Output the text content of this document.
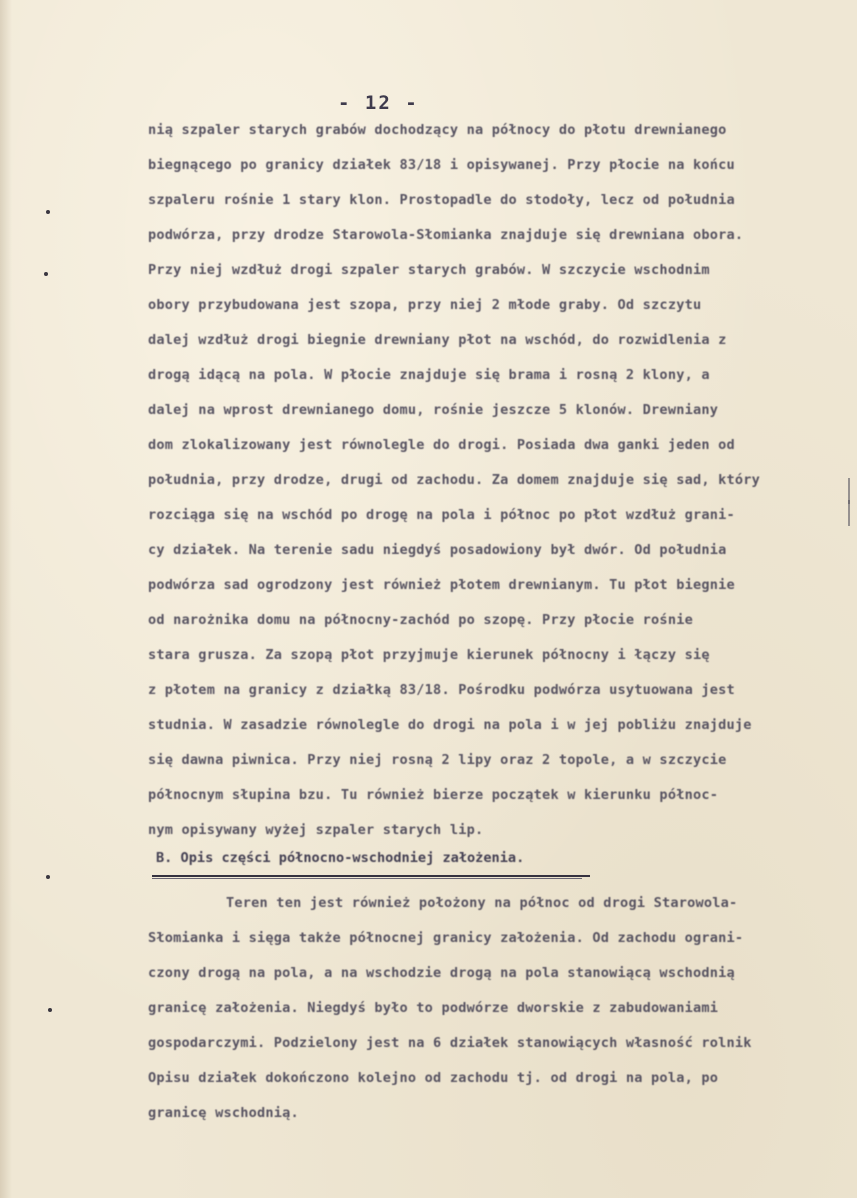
- 12 -
nią szpaler starych grabów dochodzący na północy do płotu drewnianego
biegnącego po granicy działek 83/18 i opisywanej. Przy płocie na końcu
szpaleru rośnie 1 stary klon. Prostopadle do stodoły, lecz od południa
podwórza, przy drodze Starowola-Słomianka znajduje się drewniana obora.
Przy niej wzdłuż drogi szpaler starych grabów. W szczycie wschodnim
obory przybudowana jest szopa, przy niej 2 młode graby. Od szczytu
dalej wzdłuż drogi biegnie drewniany płot na wschód, do rozwidlenia z
drogą idącą na pola. W płocie znajduje się brama i rosną 2 klony, a
dalej na wprost drewnianego domu, rośnie jeszcze 5 klonów. Drewniany
dom zlokalizowany jest równolegle do drogi. Posiada dwa ganki jeden od
południa, przy drodze, drugi od zachodu. Za domem znajduje się sad, który
rozciąga się na wschód po drogę na pola i północ po płot wzdłuż grani-
cy działek. Na terenie sadu niegdyś posadowiony był dwór. Od południa
podwórza sad ogrodzony jest również płotem drewnianym. Tu płot biegnie
od narożnika domu na północny-zachód po szopę. Przy płocie rośnie
stara grusza. Za szopą płot przyjmuje kierunek północny i łączy się
z płotem na granicy z działką 83/18. Pośrodku podwórza usytuowana jest
studnia. W zasadzie równolegle do drogi na pola i w jej pobliżu znajduje
się dawna piwnica. Przy niej rosną 2 lipy oraz 2 topole, a w szczycie
północnym słupina bzu. Tu również bierze początek w kierunku północ-
nym opisywany wyżej szpaler starych lip.
B. Opis części północno-wschodniej założenia.
Teren ten jest również położony na północ od drogi Starowola-
Słomianka i sięga także północnej granicy założenia. Od zachodu ograni-
czony drogą na pola, a na wschodzie drogą na pola stanowiącą wschodnią
granicę założenia. Niegdyś było to podwórze dworskie z zabudowaniami
gospodarczymi. Podzielony jest na 6 działek stanowiących własność rolnik
Opisu działek dokończono kolejno od zachodu tj. od drogi na pola, po
granicę wschodnią.
